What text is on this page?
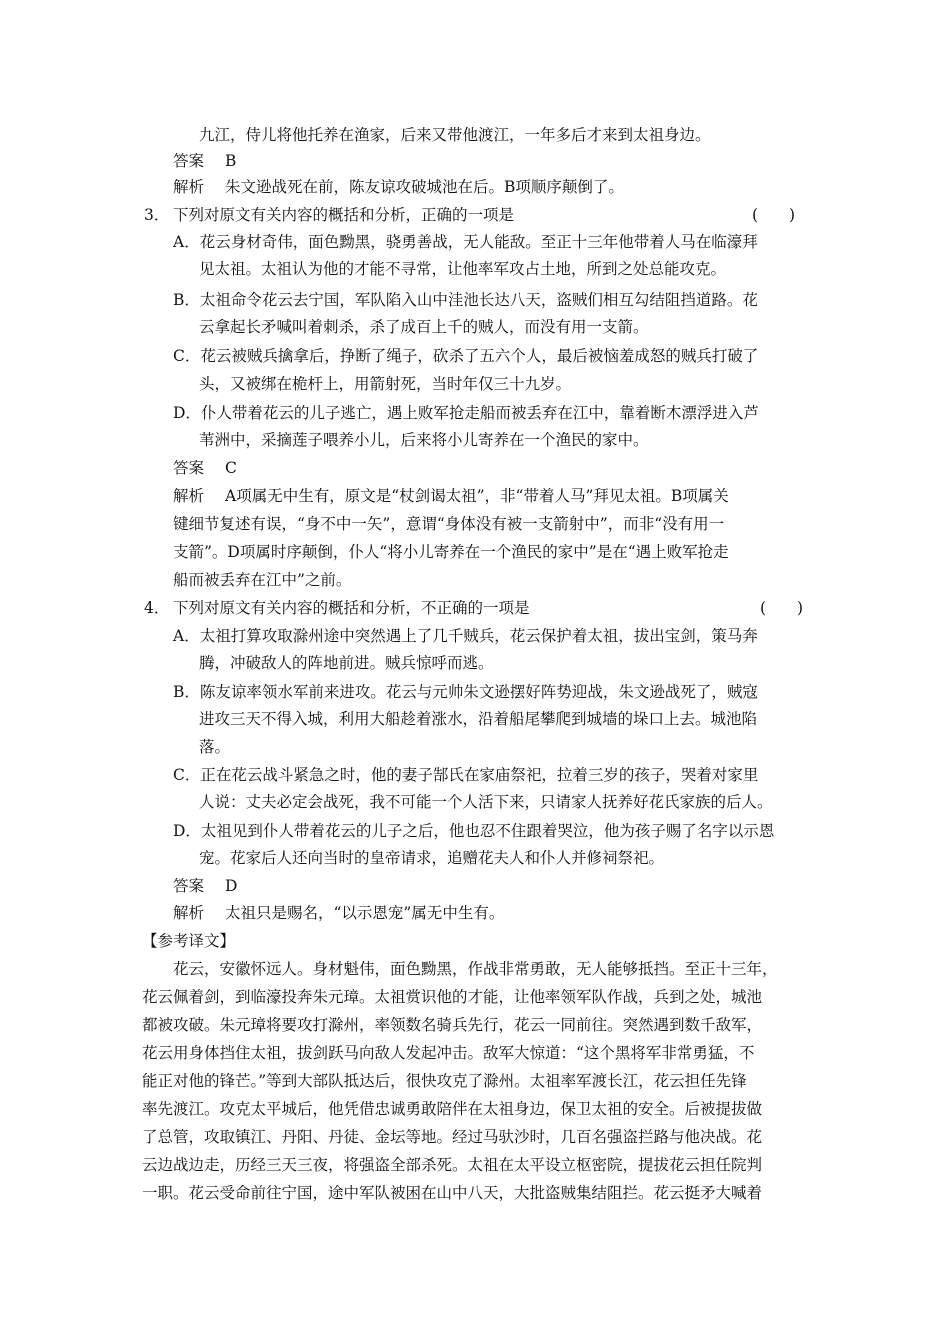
九江，侍儿将他托养在渔家，后来又带他渡江，一年多后才来到太祖身边。
答案 B
解析 朱文逊战死在前，陈友谅攻破城池在后。B项顺序颠倒了。
3． 下列对原文有关内容的概括和分析，正确的一项是	(　　)
A．花云身材奇伟，面色黝黑，骁勇善战，无人能敌。至正十三年他带着人马在临濠拜
见太祖。太祖认为他的才能不寻常，让他率军攻占土地，所到之处总能攻克。
B．太祖命令花云去宁国，军队陷入山中洼池长达八天，盗贼们相互勾结阻挡道路。花
云拿起长矛喊叫着刺杀，杀了成百上千的贼人，而没有用一支箭。
C．花云被贼兵擒拿后，挣断了绳子，砍杀了五六个人，最后被恼羞成怒的贼兵打破了
头，又被绑在桅杆上，用箭射死，当时年仅三十九岁。
D．仆人带着花云的儿子逃亡，遇上败军抢走船而被丢弃在江中，靠着断木漂浮进入芦
苇洲中，采摘莲子喂养小儿，后来将小儿寄养在一个渔民的家中。
答案 C
解析 A项属无中生有，原文是“杖剑谒太祖”，非“带着人马”拜见太祖。B项属关
键细节复述有误，“身不中一矢”，意谓“身体没有被一支箭射中”，而非“没有用一
支箭”。D项属时序颠倒，仆人“将小儿寄养在一个渔民的家中”是在“遇上败军抢走
船而被丢弃在江中”之前。
4． 下列对原文有关内容的概括和分析，不正确的一项是	(　　)
A．太祖打算攻取滁州途中突然遇上了几千贼兵，花云保护着太祖，拔出宝剑，策马奔
腾，冲破敌人的阵地前进。贼兵惊呼而逃。
B．陈友谅率领水军前来进攻。花云与元帅朱文逊摆好阵势迎战，朱文逊战死了，贼寇
进攻三天不得入城，利用大船趁着涨水，沿着船尾攀爬到城墙的垛口上去。城池陷
落。
C．正在花云战斗紧急之时，他的妻子郜氏在家庙祭祀，拉着三岁的孩子，哭着对家里
人说：丈夫必定会战死，我不可能一个人活下来，只请家人抚养好花氏家族的后人。
D．太祖见到仆人带着花云的儿子之后，他也忍不住跟着哭泣，他为孩子赐了名字以示恩
宠。花家后人还向当时的皇帝请求，追赠花夫人和仆人并修祠祭祀。
答案 D
解析 太祖只是赐名，“以示恩宠”属无中生有。
【参考译文】
花云，安徽怀远人。身材魁伟，面色黝黑，作战非常勇敢，无人能够抵挡。至正十三年，
花云佩着剑，到临濠投奔朱元璋。太祖赏识他的才能，让他率领军队作战，兵到之处，城池
都被攻破。朱元璋将要攻打滁州，率领数名骑兵先行，花云一同前往。突然遇到数千敌军，
花云用身体挡住太祖，拔剑跃马向敌人发起冲击。敌军大惊道：“这个黑将军非常勇猛，不
能正对他的锋芒。”等到大部队抵达后，很快攻克了滁州。太祖率军渡长江，花云担任先锋
率先渡江。攻克太平城后，他凭借忠诚勇敢陪伴在太祖身边，保卫太祖的安全。后被提拔做
了总管，攻取镇江、丹阳、丹徒、金坛等地。经过马驮沙时，几百名强盗拦路与他决战。花
云边战边走，历经三天三夜，将强盗全部杀死。太祖在太平设立枢密院，提拔花云担任院判
一职。花云受命前往宁国，途中军队被困在山中八天，大批盗贼集结阻拦。花云挺矛大喊着
